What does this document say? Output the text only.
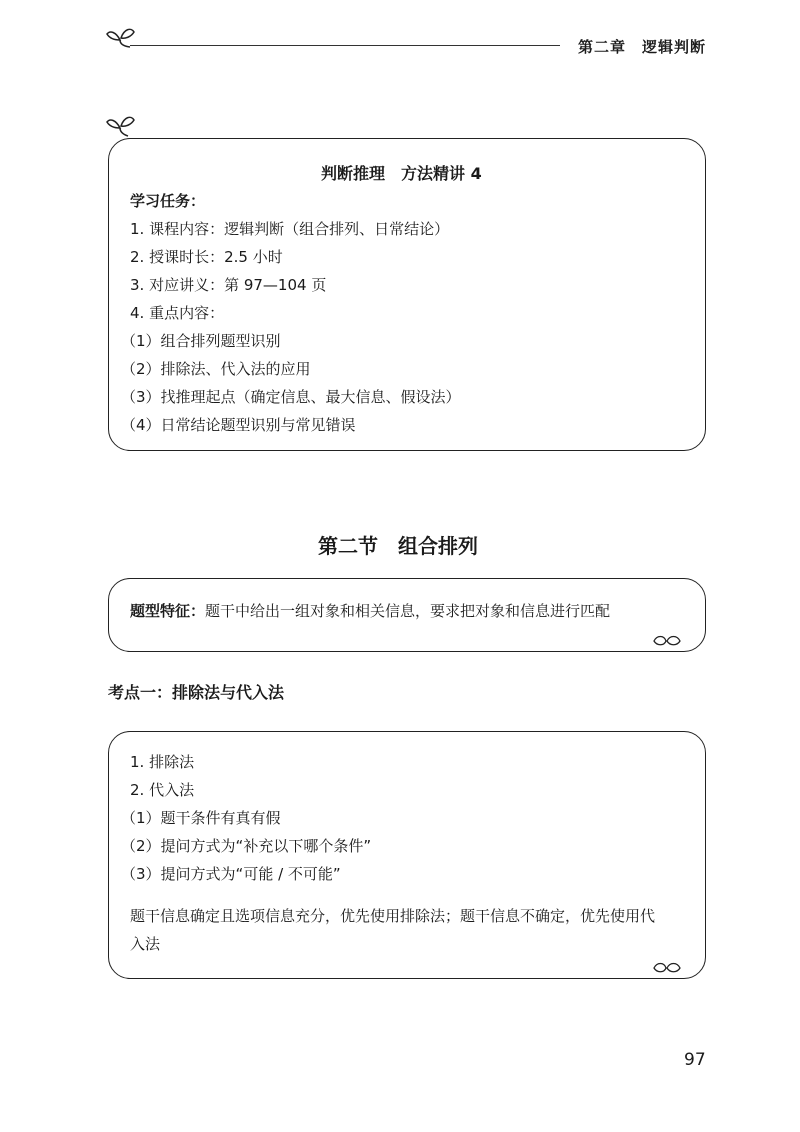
第二章　逻辑判断
判断推理　方法精讲 4
学习任务：
1. 课程内容：逻辑判断（组合排列、日常结论）
2. 授课时长：2.5 小时
3. 对应讲义：第 97—104 页
4. 重点内容：
（1）组合排列题型识别
（2）排除法、代入法的应用
（3）找推理起点（确定信息、最大信息、假设法）
（4）日常结论题型识别与常见错误
第二节　组合排列
题型特征：题干中给出一组对象和相关信息，要求把对象和信息进行匹配
考点一：排除法与代入法
1. 排除法
2. 代入法
（1）题干条件有真有假
（2）提问方式为“补充以下哪个条件”
（3）提问方式为“可能 / 不可能”
题干信息确定且选项信息充分，优先使用排除法；题干信息不确定，优先使用代
入法
97
